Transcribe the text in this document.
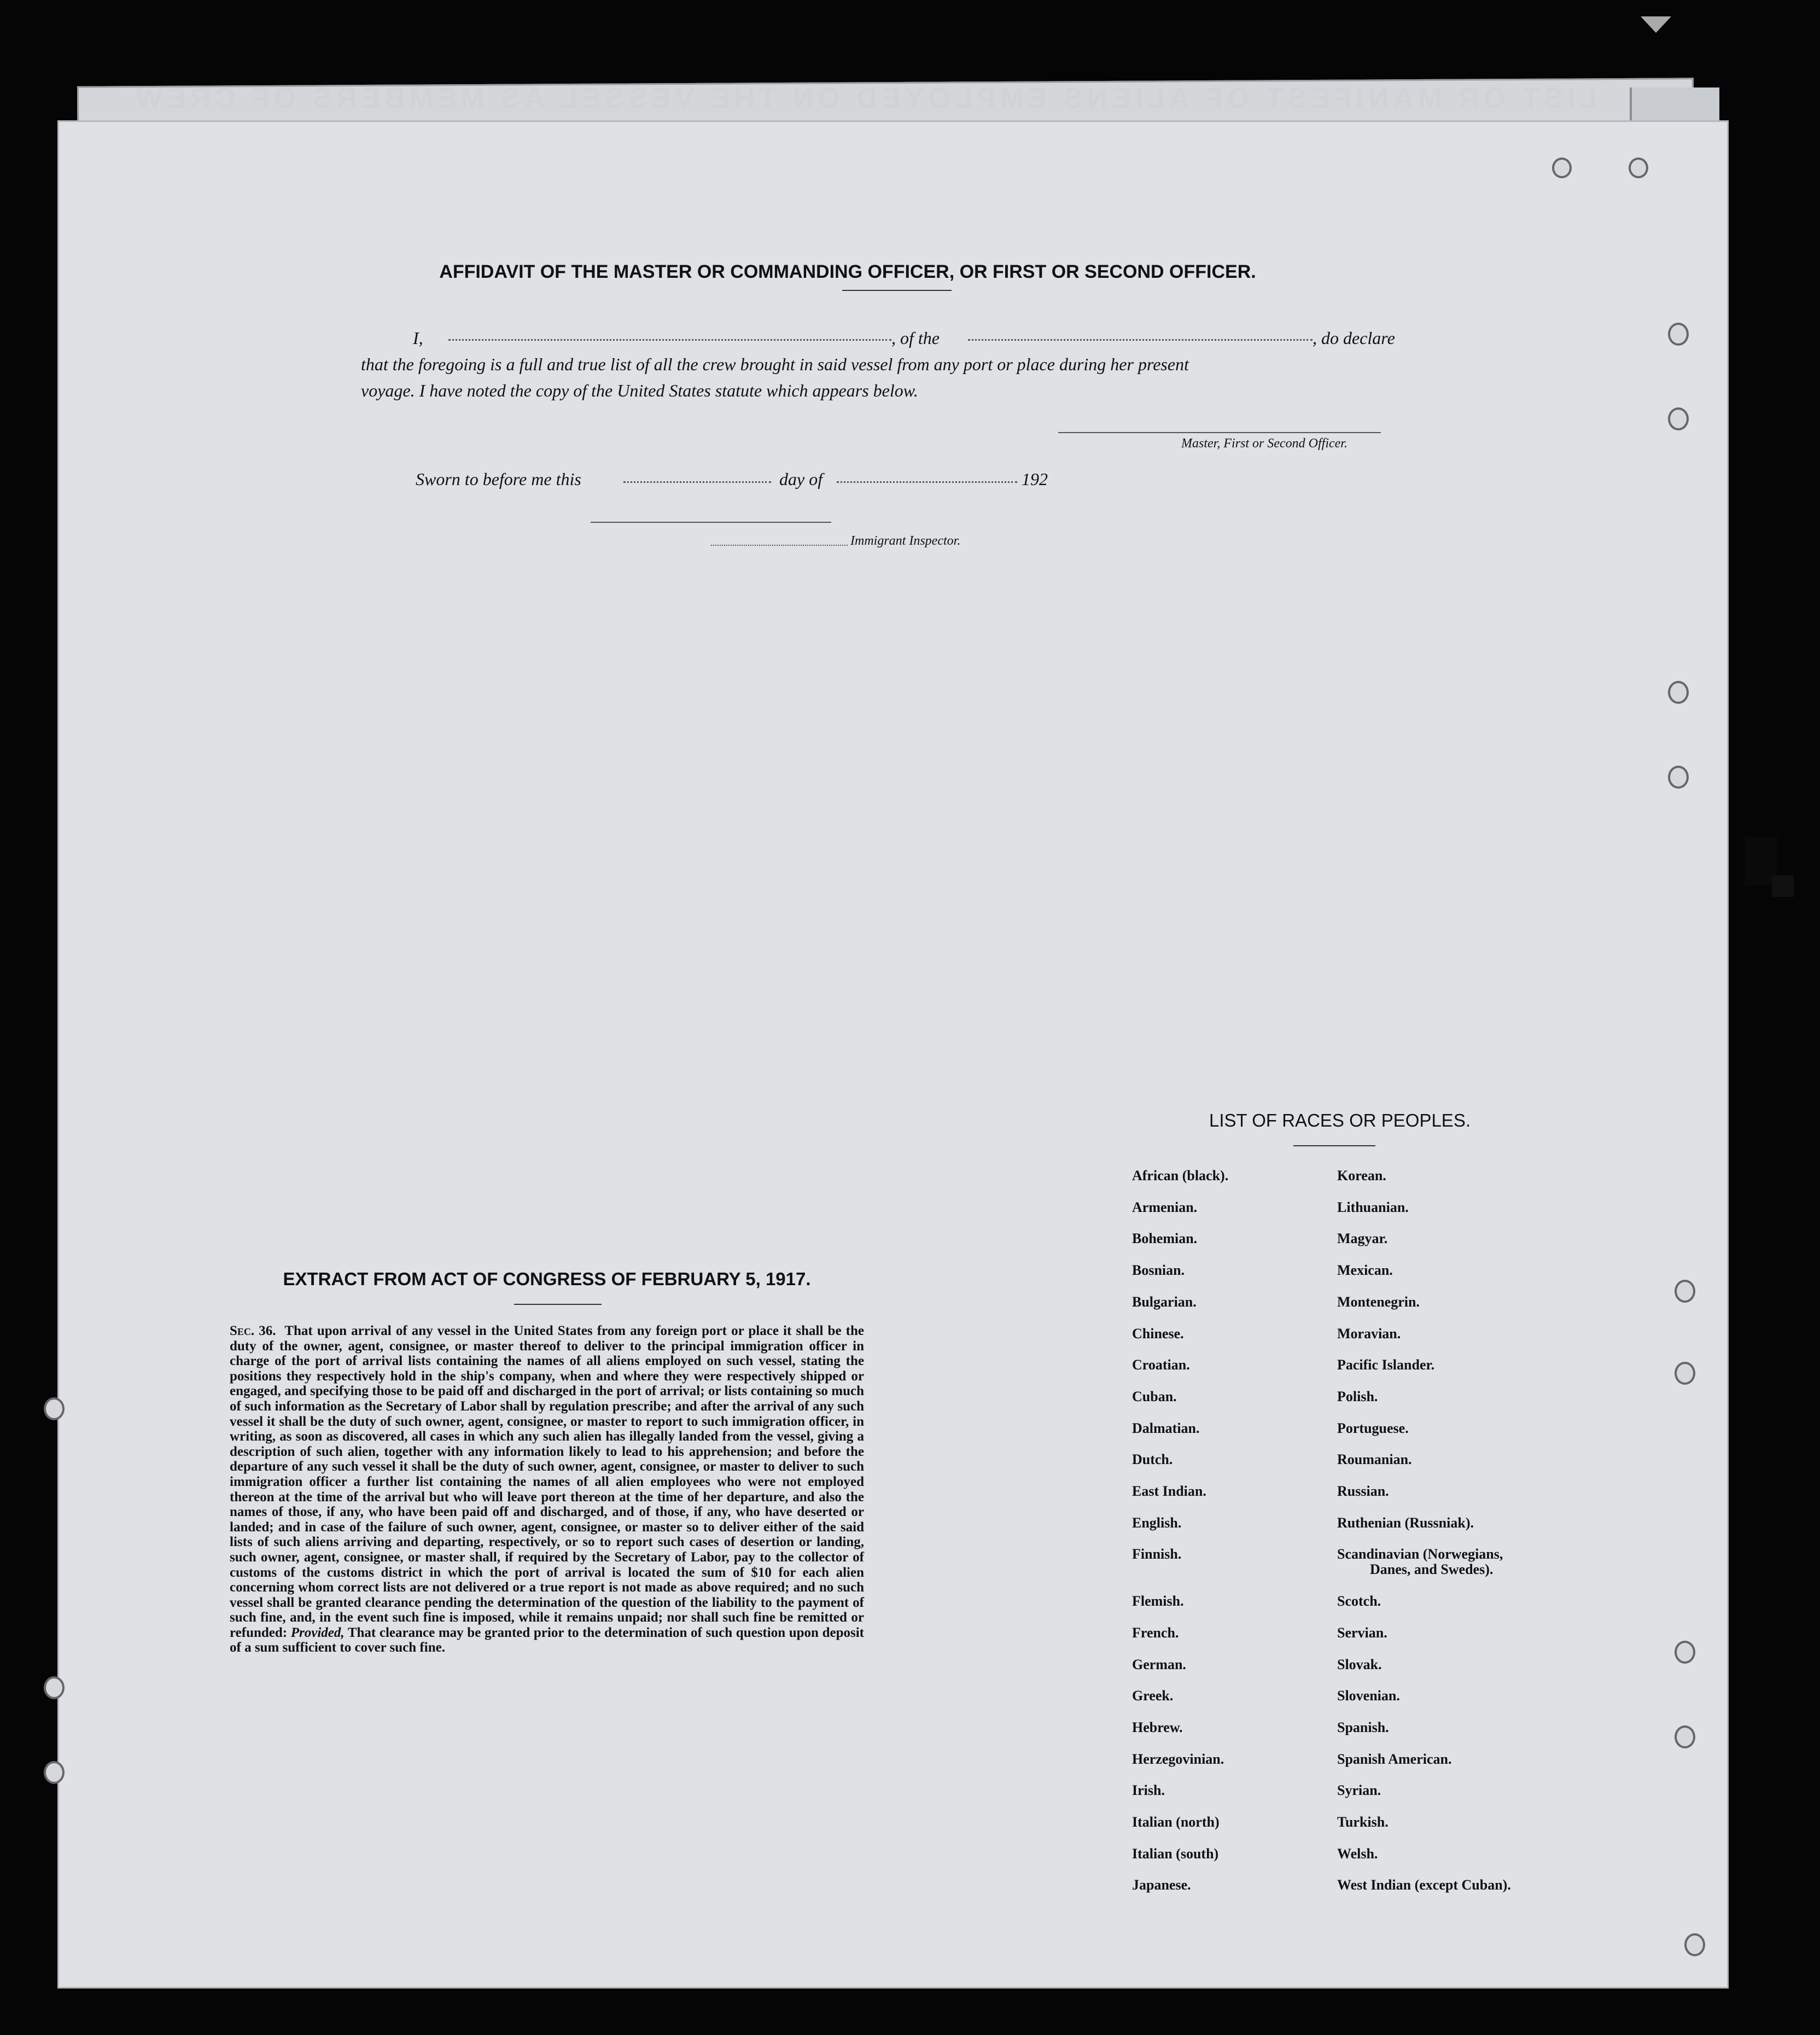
LIST OR MANIFEST OF ALIENS EMPLOYED ON THE VESSEL AS MEMBERS OF CREW
AFFIDAVIT OF THE MASTER OR COMMANDING OFFICER, OR FIRST OR SECOND OFFICER.
I,	, of the	, do declare
that the foregoing is a full and true list of all the crew brought in said vessel from any port or place during her present
voyage. I have noted the copy of the United States statute which appears below.
Master, First or Second Officer.
Sworn to before me this	day of	192
Immigrant Inspector.
EXTRACT FROM ACT OF CONGRESS OF FEBRUARY 5, 1917.
Sec. 36. That upon arrival of any vessel in the United States from any foreign port or place it shall be the duty of the owner, agent, consignee, or master thereof to deliver to the principal immigration officer in charge of the port of arrival lists containing the names of all aliens employed on such vessel, stating the positions they respectively hold in the ship's company, when and where they were respectively shipped or engaged, and specifying those to be paid off and discharged in the port of arrival; or lists containing so much of such information as the Secretary of Labor shall by regulation prescribe; and after the arrival of any such vessel it shall be the duty of such owner, agent, consignee, or master to report to such immigration officer, in writing, as soon as discovered, all cases in which any such alien has illegally landed from the vessel, giving a description of such alien, together with any information likely to lead to his apprehension; and before the departure of any such vessel it shall be the duty of such owner, agent, consignee, or master to deliver to such immigration officer a further list containing the names of all alien employees who were not employed thereon at the time of the arrival but who will leave port thereon at the time of her departure, and also the names of those, if any, who have been paid off and discharged, and of those, if any, who have deserted or landed; and in case of the failure of such owner, agent, consignee, or master so to deliver either of the said lists of such aliens arriving and departing, respectively, or so to report such cases of desertion or landing, such owner, agent, consignee, or master shall, if required by the Secretary of Labor, pay to the collector of customs of the customs district in which the port of arrival is located the sum of $10 for each alien concerning whom correct lists are not delivered or a true report is not made as above required; and no such vessel shall be granted clearance pending the determination of the question of the liability to the payment of such fine, and, in the event such fine is imposed, while it remains unpaid; nor shall such fine be remitted or refunded: Provided, That clearance may be granted prior to the determination of such question upon deposit of a sum sufficient to cover such fine.
LIST OF RACES OR PEOPLES.
African (black).	Korean.
Armenian.	Lithuanian.
Bohemian.	Magyar.
Bosnian.	Mexican.
Bulgarian.	Montenegrin.
Chinese.	Moravian.
Croatian.	Pacific Islander.
Cuban.	Polish.
Dalmatian.	Portuguese.
Dutch.	Roumanian.
East Indian.	Russian.
English.	Ruthenian (Russniak).
Finnish.	Scandinavian (Norwegians,
Danes, and Swedes).
Flemish.	Scotch.
French.	Servian.
German.	Slovak.
Greek.	Slovenian.
Hebrew.	Spanish.
Herzegovinian.	Spanish American.
Irish.	Syrian.
Italian (north)	Turkish.
Italian (south)	Welsh.
Japanese.	West Indian (except Cuban).
